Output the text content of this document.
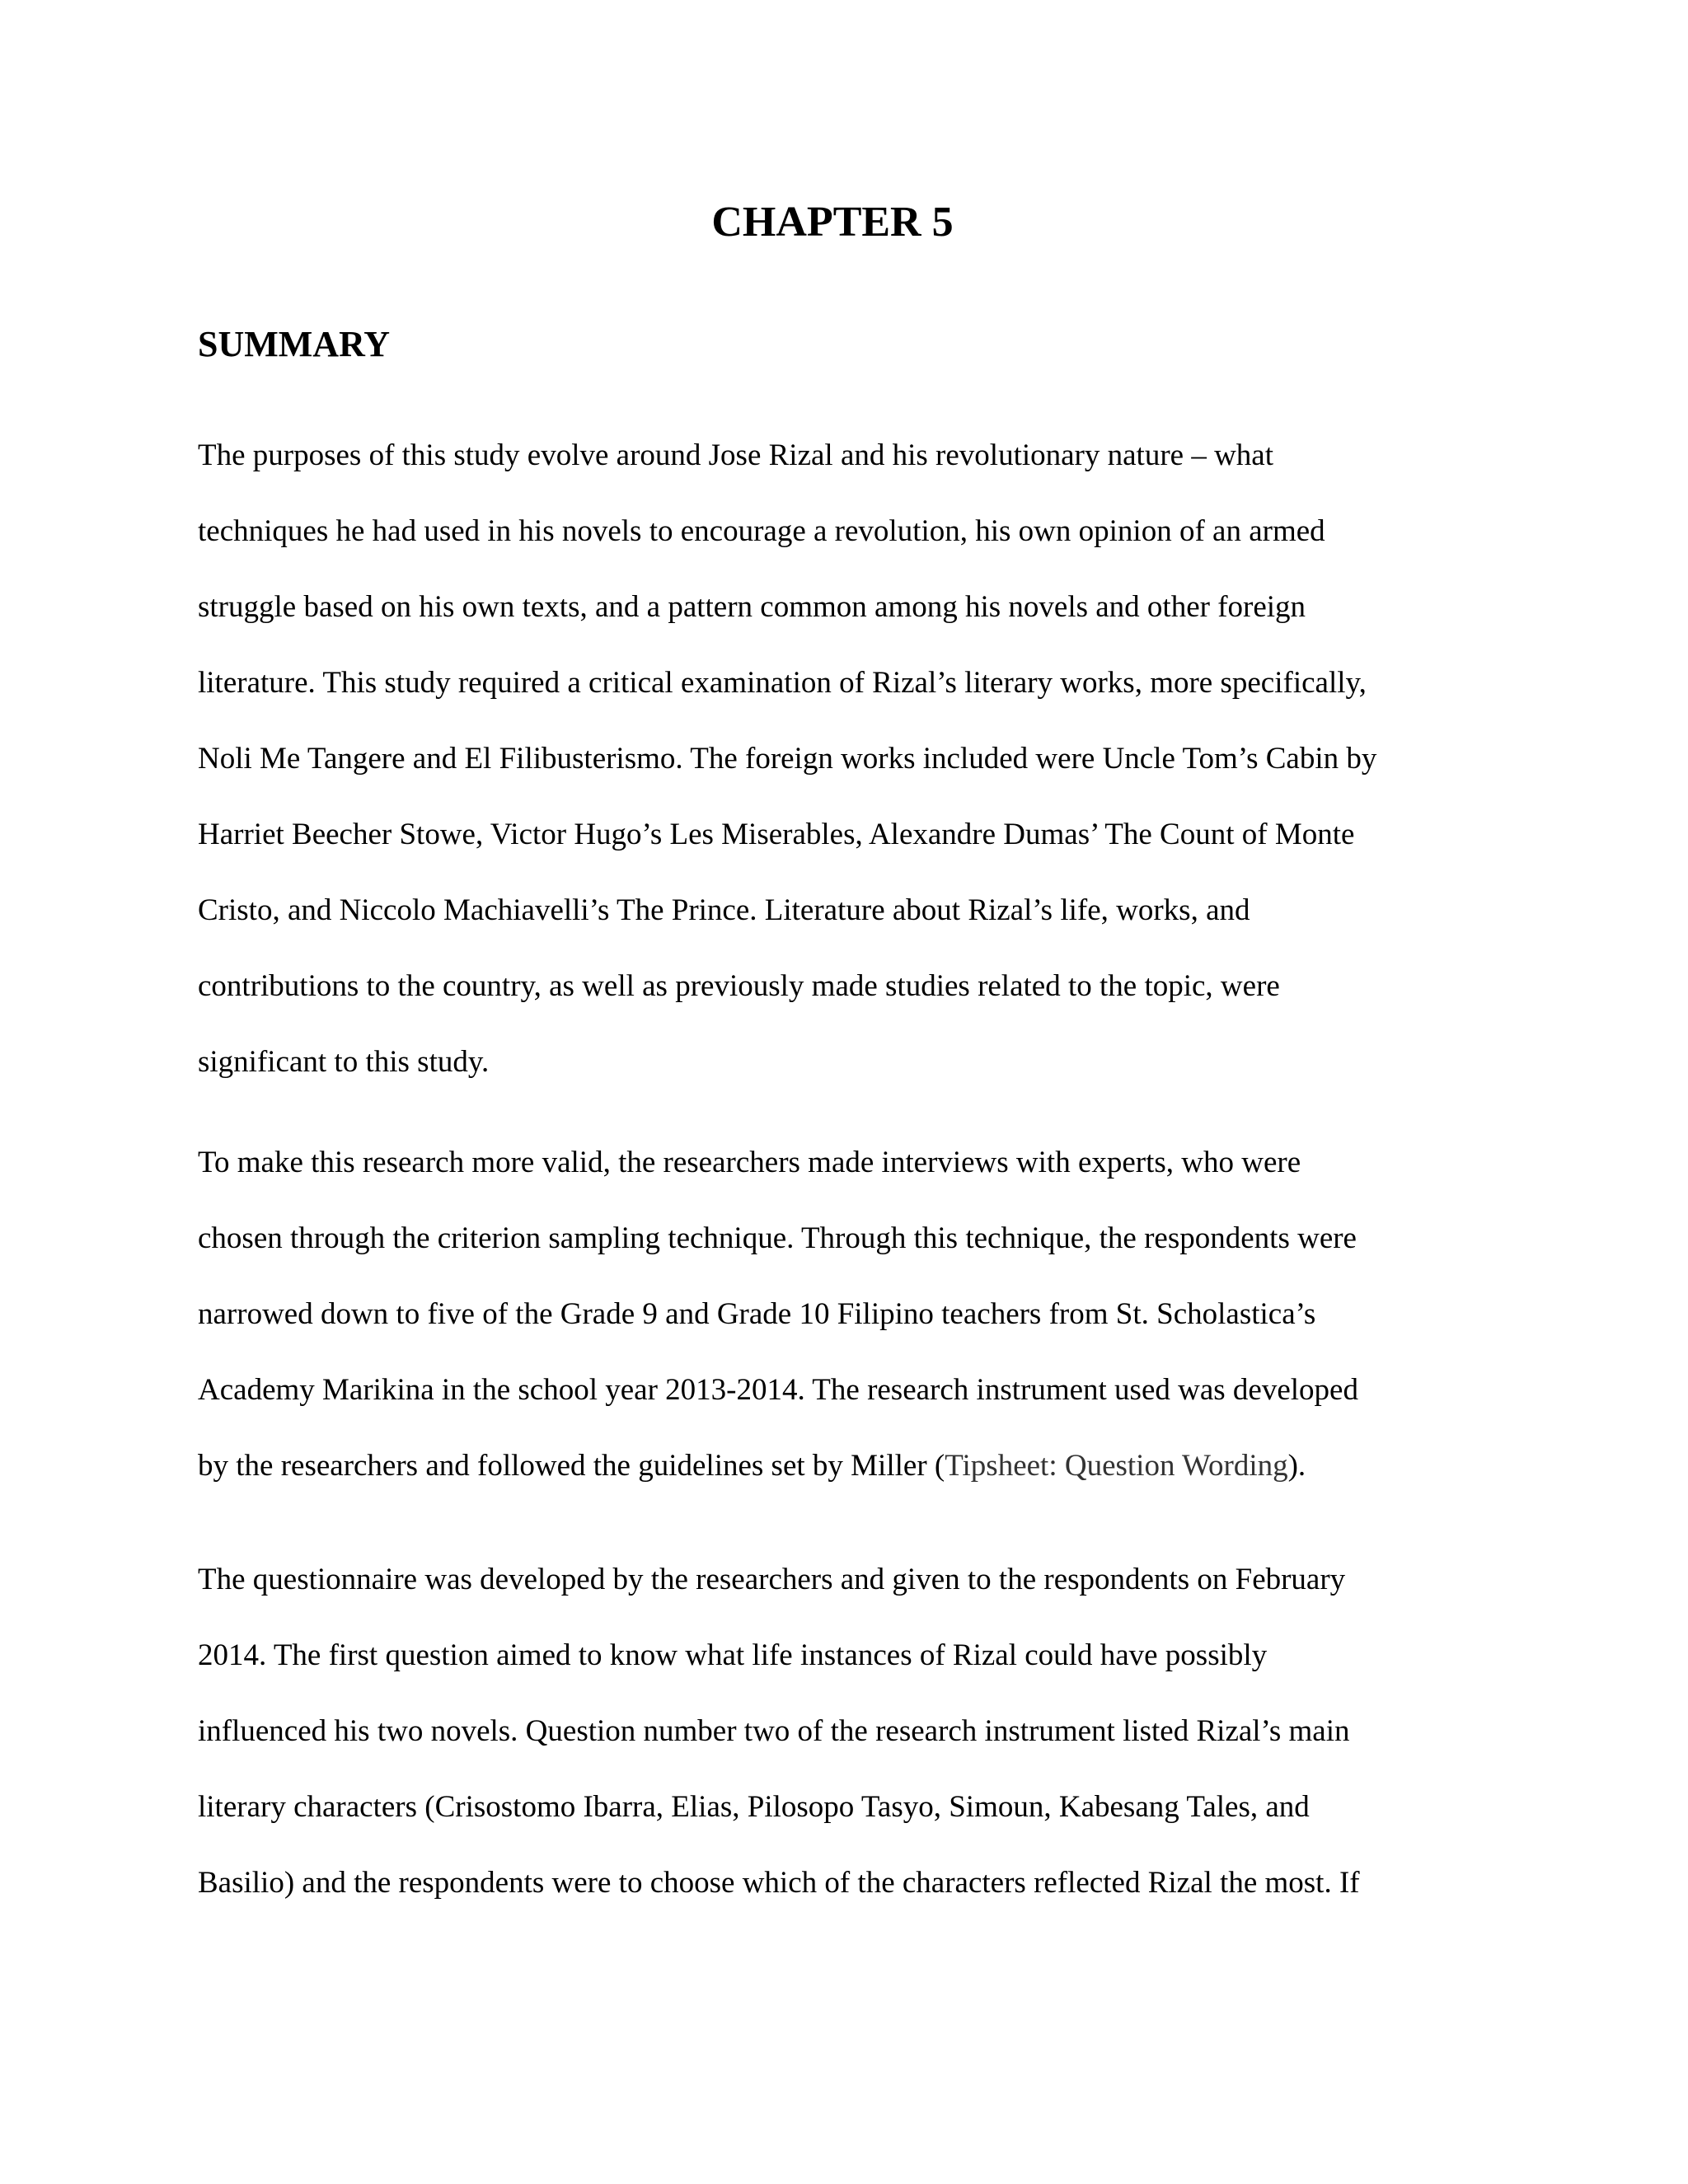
CHAPTER 5
SUMMARY

The purposes of this study evolve around Jose Rizal and his revolutionary nature – what

techniques he had used in his novels to encourage a revolution, his own opinion of an armed

struggle based on his own texts, and a pattern common among his novels and other foreign

literature. This study required a critical examination of Rizal’s literary works, more specifically,

Noli Me Tangere and El Filibusterismo. The foreign works included were Uncle Tom’s Cabin by

Harriet Beecher Stowe, Victor Hugo’s Les Miserables, Alexandre Dumas’ The Count of Monte

Cristo, and Niccolo Machiavelli’s The Prince. Literature about Rizal’s life, works, and

contributions to the country, as well as previously made studies related to the topic, were

significant to this study.

To make this research more valid, the researchers made interviews with experts, who were

chosen through the criterion sampling technique. Through this technique, the respondents were

narrowed down to five of the Grade 9 and Grade 10 Filipino teachers from St. Scholastica’s

Academy Marikina in the school year 2013-2014. The research instrument used was developed

by the researchers and followed the guidelines set by Miller (Tipsheet: Question Wording).

The questionnaire was developed by the researchers and given to the respondents on February

2014. The first question aimed to know what life instances of Rizal could have possibly

influenced his two novels. Question number two of the research instrument listed Rizal’s main

literary characters (Crisostomo Ibarra, Elias, Pilosopo Tasyo, Simoun, Kabesang Tales, and

Basilio) and the respondents were to choose which of the characters reflected Rizal the most. If
